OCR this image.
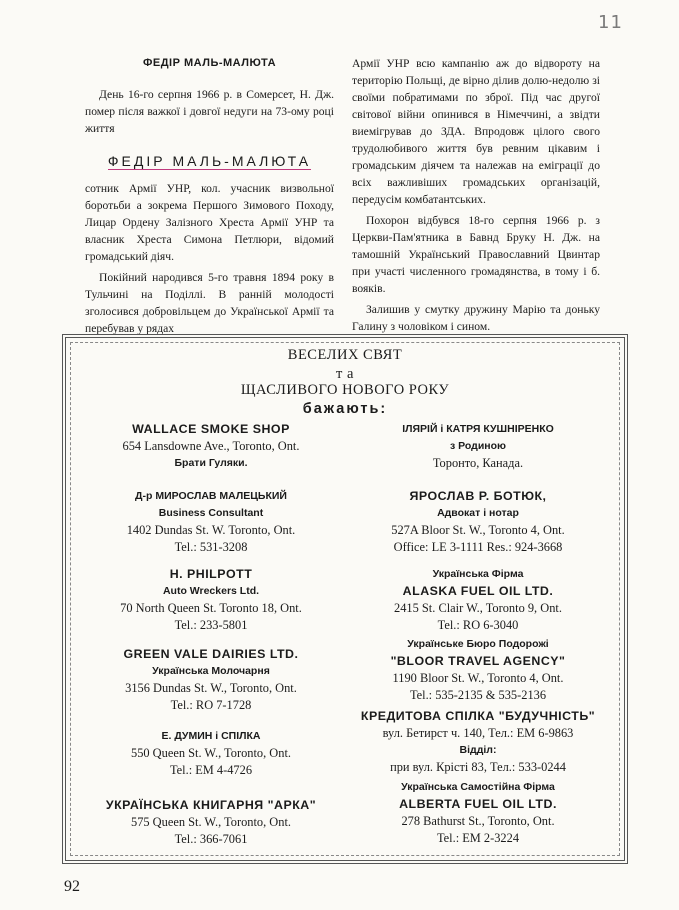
11
ФЕДІР МАЛЬ-МАЛЮТА

День 16-го серпня 1966 р. в Сомерсет, Н. Дж. помер після важкої і довгої недуги на 73-ому році життя

ФЕДІР МАЛЬ-МАЛЮТА

сотник Армії УНР, кол. учасник визвольної боротьби а зокрема Першого Зимового Походу, Лицар Ордену Залізного Хреста Армії УНР та власник Хреста Симона Петлюри, відомий громадський діяч.

Покійний народився 5-го травня 1894 року в Тульчині на Поділлі. В ранній молодості зголосився добровільцем до Української Армії та перебував у рядах

Армії УНР всю кампанію аж до відвороту на територію Польщі, де вірно ділив долю-недолю зі своїми побратимами по зброї. Під час другої світової війни опинився в Німеччині, а звідти виемігрував до ЗДА. Впродовж цілого свого трудолюбивого життя був ревним цікавим і громадським діячем та належав на еміграції до всіх важливіших громадських організацій, передусім комбатантських.

Похорон відбувся 18-го серпня 1966 р. з Церкви-Пам'ятника в Бавнд Брукy Н. Дж. на тамошній Український Православний Цвинтар при участі численного громадянства, в тому і б. вояків.

Залишив у смутку дружину Марію та доньку Галину з чоловіком і сином.

ВЕСЕЛИХ СВЯТ
т а
ЩАСЛИВОГО НОВОГО РОКУ
бажають:
WALLACE SMOKE SHOP
654 Lansdowne Ave., Toronto, Ont.
Брати Гуляки.
Д-р МИРОСЛАВ МАЛЕЦЬКИЙ
Business Consultant
1402 Dundas St. W. Toronto, Ont.
Tel.: 531-3208
H. PHILPOTT
Auto Wreckers Ltd.
70 North Queen St. Toronto 18, Ont.
Tel.: 233-5801
GREEN VALE DAIRIES LTD.
Українська Молочарня
3156 Dundas St. W., Toronto, Ont.
Tel.: RO 7-1728
Е. ДУМИН і СПІЛКА
550 Queen St. W., Toronto, Ont.
Tel.: EM 4-4726
УКРАЇНСЬКА КНИГАРНЯ "АРКА"
575 Queen St. W., Toronto, Ont.
Tel.: 366-7061
ІЛЯРІЙ і КАТРЯ КУШНІРЕНКО
з Родиною
Торонто, Канада.
ЯРОСЛАВ Р. БОТЮК,
Адвокат і нотар
527A Bloor St. W., Toronto 4, Ont.
Office: LE 3-1111 Res.: 924-3668
Українська Фірма
ALASKA FUEL OIL LTD.
2415 St. Clair W., Toronto 9, Ont.
Tel.: RO 6-3040
Українське Бюро Подорожі
"BLOOR TRAVEL AGENCY"
1190 Bloor St. W., Toronto 4, Ont.
Tel.: 535-2135 & 535-2136
КРЕДИТОВА СПІЛКА "БУДУЧНІСТЬ"
вул. Бетирст ч. 140, Тел.: EM 6-9863
Відділ:
при вул. Крісті 83, Тел.: 533-0244
Українська Самостійна Фірма
ALBERTA FUEL OIL LTD.
278 Bathurst St., Toronto, Ont.
Tel.: EM 2-3224
92
